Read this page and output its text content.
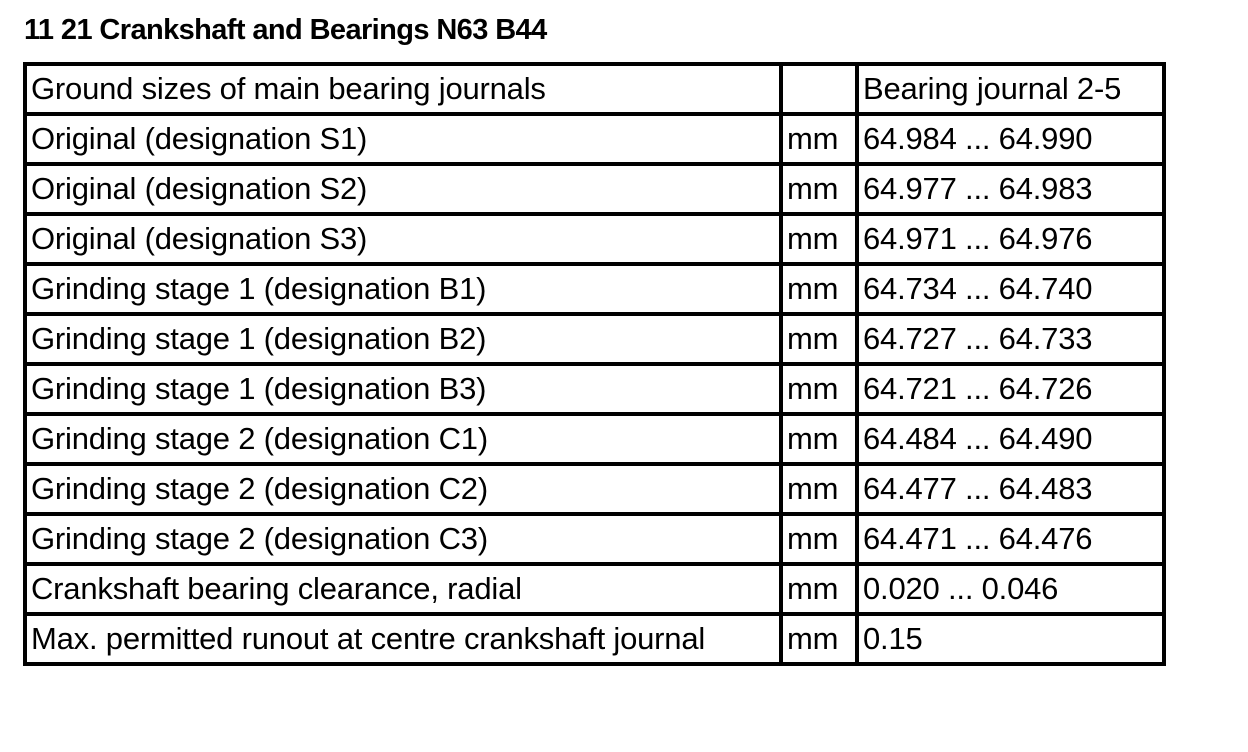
11 21 Crankshaft and Bearings N63 B44
Ground sizes of main bearing journals		Bearing journal 2-5
Original (designation S1)	mm	64.984 ... 64.990
Original (designation S2)	mm	64.977 ... 64.983
Original (designation S3)	mm	64.971 ... 64.976
Grinding stage 1 (designation B1)	mm	64.734 ... 64.740
Grinding stage 1 (designation B2)	mm	64.727 ... 64.733
Grinding stage 1 (designation B3)	mm	64.721 ... 64.726
Grinding stage 2 (designation C1)	mm	64.484 ... 64.490
Grinding stage 2 (designation C2)	mm	64.477 ... 64.483
Grinding stage 2 (designation C3)	mm	64.471 ... 64.476
Crankshaft bearing clearance, radial	mm	0.020 ... 0.046
Max. permitted runout at centre crankshaft journal	mm	0.15
